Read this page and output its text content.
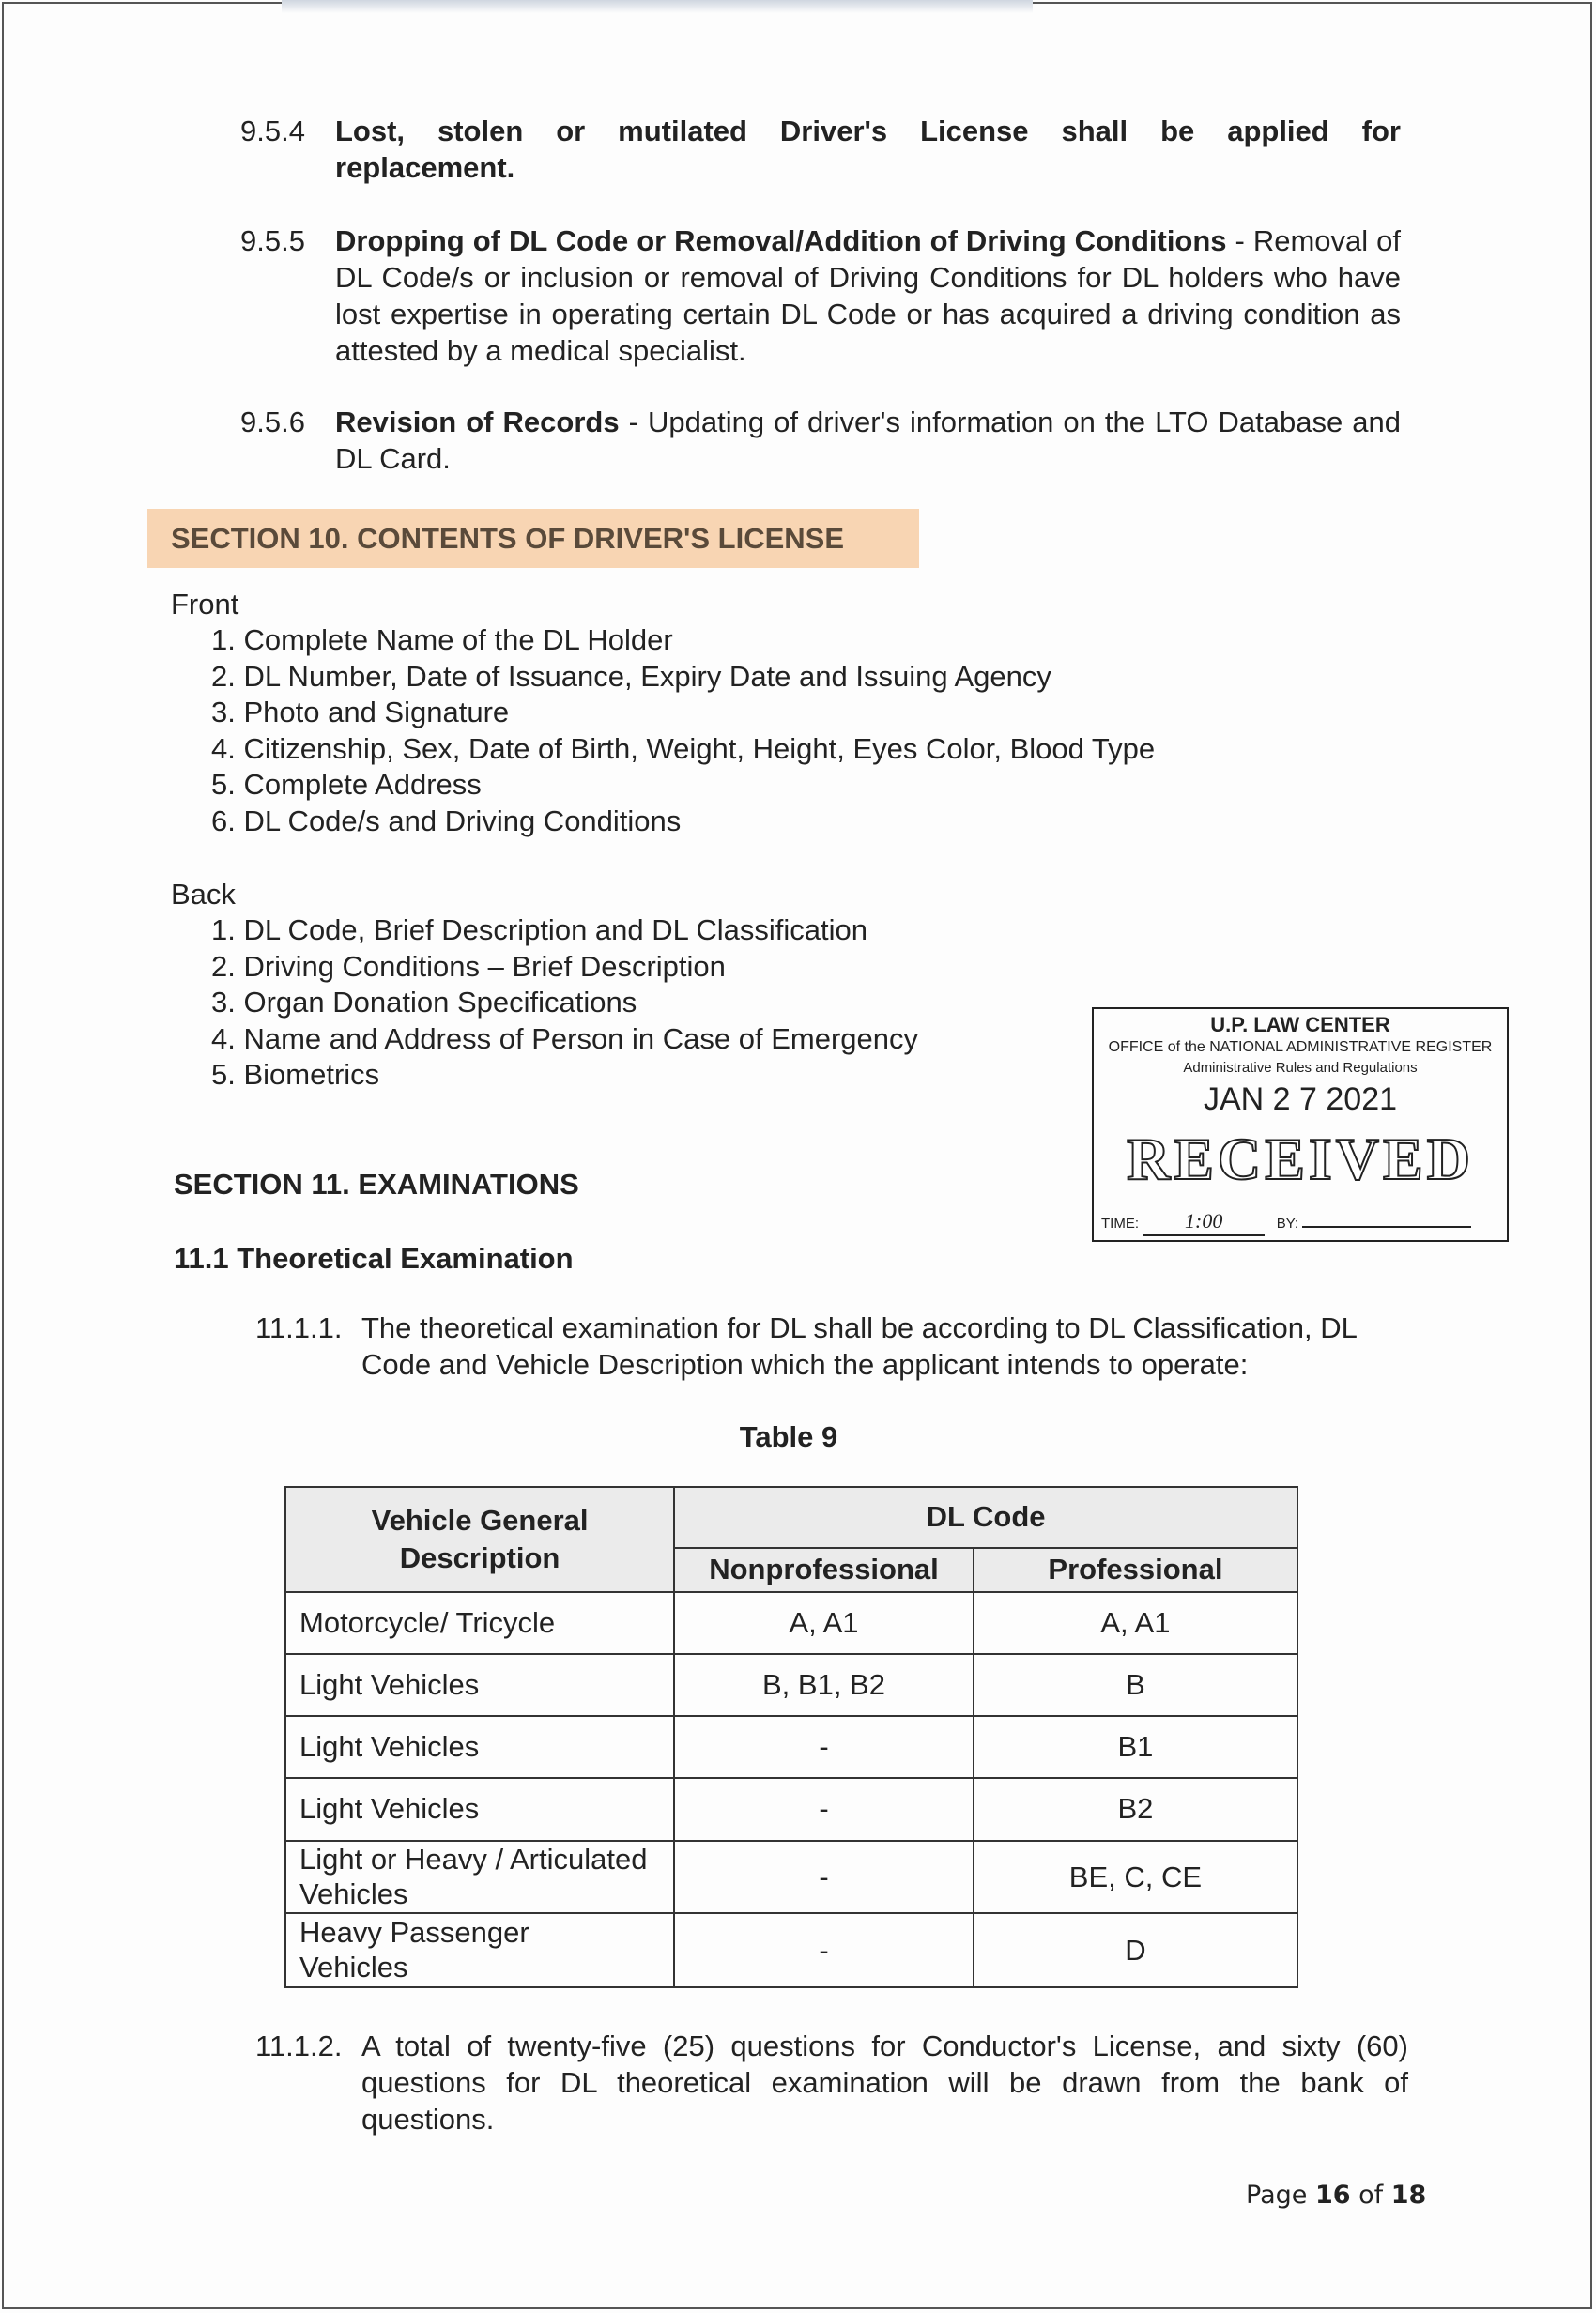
9.5.4	Lost, stolen or mutilated Driver's License shall be applied for replacement.
9.5.5	Dropping of DL Code or Removal/Addition of Driving Conditions - Removal of DL Code/s or inclusion or removal of Driving Conditions for DL holders who have lost expertise in operating certain DL Code or has acquired a driving condition as attested by a medical specialist.
9.5.6	Revision of Records - Updating of driver's information on the LTO Database and DL Card.
SECTION 10. CONTENTS OF DRIVER'S LICENSE
Front
1. Complete Name of the DL Holder
2. DL Number, Date of Issuance, Expiry Date and Issuing Agency
3. Photo and Signature
4. Citizenship, Sex, Date of Birth, Weight, Height, Eyes Color, Blood Type
5. Complete Address
6. DL Code/s and Driving Conditions
Back
1. DL Code, Brief Description and DL Classification
2. Driving Conditions – Brief Description
3. Organ Donation Specifications
4. Name and Address of Person in Case of Emergency
5. Biometrics
SECTION 11. EXAMINATIONS
11.1 Theoretical Examination
11.1.1. The theoretical examination for DL shall be according to DL Classification, DL Code and Vehicle Description which the applicant intends to operate:
Table 9
Vehicle General Description	DL Code	
	Nonprofessional	Professional
Motorcycle/ Tricycle	A, A1	A, A1
Light Vehicles	B, B1, B2	B
Light Vehicles	-	B1
Light Vehicles	-	B2
Light or Heavy / Articulated Vehicles	-	BE, C, CE
Heavy Passenger Vehicles	-	D
11.1.2. A total of twenty-five (25) questions for Conductor's License, and sixty (60) questions for DL theoretical examination will be drawn from the bank of questions.
U.P. LAW CENTER
OFFICE of the NATIONAL ADMINISTRATIVE REGISTER
Administrative Rules and Regulations
JAN 2 7 2021
RECEIVED
TIME: 1:00	BY:
Page 16 of 18
